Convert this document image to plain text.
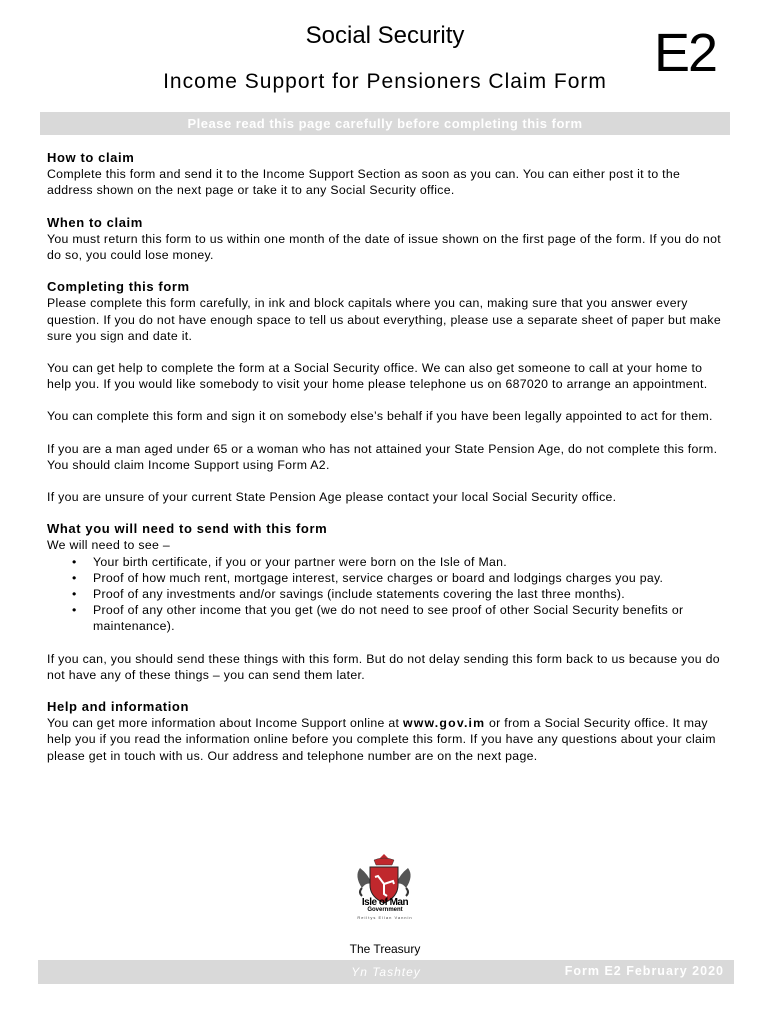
Social Security
Income Support for Pensioners Claim Form E2
Please read this page carefully before completing this form
How to claim

Complete this form and send it to the Income Support Section as soon as you can. You can either post it to the address shown on the next page or take it to any Social Security office.

When to claim

You must return this form to us within one month of the date of issue shown on the first page of the form. If you do not do so, you could lose money.

Completing this form

Please complete this form carefully, in ink and block capitals where you can, making sure that you answer every question. If you do not have enough space to tell us about everything, please use a separate sheet of paper but make sure you sign and date it.

You can get help to complete the form at a Social Security office. We can also get someone to call at your home to help you. If you would like somebody to visit your home please telephone us on 687020 to arrange an appointment.

You can complete this form and sign it on somebody else’s behalf if you have been legally appointed to act for them.

If you are a man aged under 65 or a woman who has not attained your State Pension Age, do not complete this form. You should claim Income Support using Form A2.

If you are unsure of your current State Pension Age please contact your local Social Security office.

What you will need to send with this form
We will need to see –
• Your birth certificate, if you or your partner were born on the Isle of Man.
• Proof of how much rent, mortgage interest, service charges or board and lodgings charges you pay.
• Proof of any investments and/or savings (include statements covering the last three months).
• Proof of any other income that you get (we do not need to see proof of other Social Security benefits or maintenance).

If you can, you should send these things with this form. But do not delay sending this form back to us because you do not have any of these things – you can send them later.

Help and information

You can get more information about Income Support online at www.gov.im or from a Social Security office. It may help you if you read the information online before you complete this form. If you have any questions about your claim please get in touch with us. Our address and telephone number are on the next page.

Isle of Man
Government
Reiltys Ellan Vannin
The Treasury
Yn Tashtey	Form E2 February 2020
